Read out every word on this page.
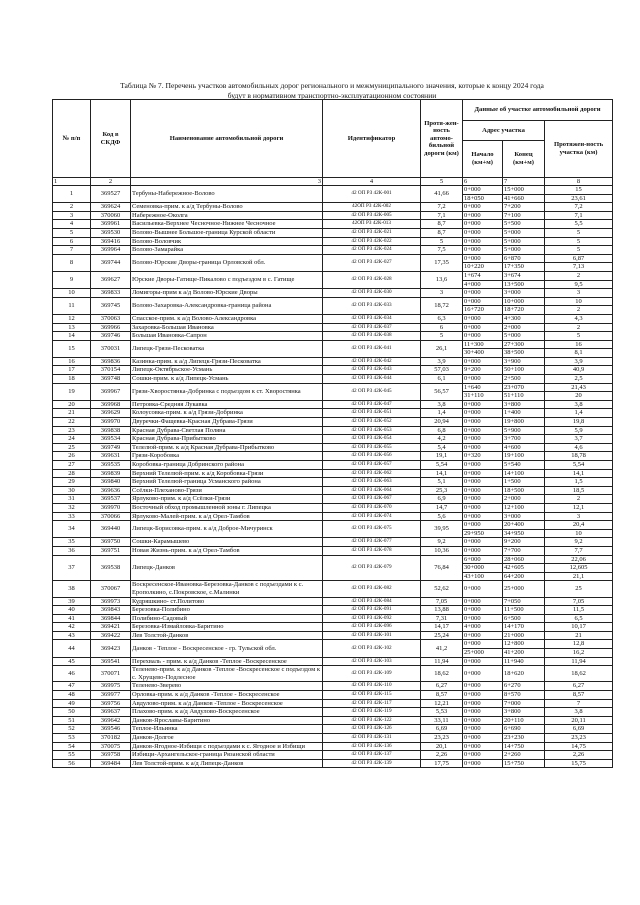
Таблица № 7. Перечень участков автомобильных дорог регионального и межмуниципального значения, которые к концу 2024 года
будут в нормативном транспортно-эксплуатационном состоянии
№ п/п	Код в СКДФ	Наименование автомобильной дороги	Идентификатор	Протя-жен-ность автомо-бильной дороги (км)	Данные об участке автомобильной дороги		
					Адрес участка		Протяжен-ность участка (км)
					Начало (км+м)	Конец (км+м)	
1	2	3	4	5	6	7	8
1	369527	Тербуны-Набережное-Волово	42 ОП РЗ 42К-001	41,66	0+000	15+000	15
					18+050	41+660	23,61
2	369624	Семеновка-прим. к а/д Тербуны-Волово	42ОП РЗ 42К-002	7,2	0+000	7+200	7,2
3	370060	Набережное-Околга	42 ОП РЗ 42К-005	7,1	0+000	7+100	7,1
4	369961	Васильевка-Верхнее Чесночное-Нижнее Чесночное	42ОП РЗ 42К-013	8,7	0+000	5+500	5,5
5	369530	Волово-Вышнее Большое-граница Курской области	42 ОП РЗ 42К-021	8,7	0+000	5+000	5
6	369416	Волово-Воловчик	42 ОП РЗ 42К-022	5	0+000	5+000	5
7	369964	Волово-Замарайка	42 ОП РЗ 42К-024	7,5	0+000	5+000	5
8	369744	Волово-Юрские Дворы-граница Орловской обл.	42 ОП РЗ 42К-027	17,35	0+000	6+870	6,87
					10+220	17+350	7,13
9	369627	Юрские Дворы-Гатище-Пикалово с подъездом в с. Гатище	42 ОП РЗ 42К-028	13,6	1+674	3+674	2
					4+000	13+500	9,5
10	369833	Ломигоры-прим к а/д Волово-Юрские Дворы	42 ОП РЗ 42К-030	3	0+000	3+000	3
11	369745	Волово-Захаровка-Александровка-граница района	42 ОП РЗ 42К-033	18,72	0+000	10+000	10
					16+720	18+720	2
12	370063	Спасское-прим. к а/д Волово-Александровка	42 ОП РЗ 42К-034	6,3	0+000	4+300	4,3
13	369966	Захаровка-Большая Ивановка	42 ОП РЗ 42К-037	6	0+000	2+000	2
14	369746	Большая Ивановка-Сапрон	42 ОП РЗ 42К-038	5	0+000	5+000	5
15	370031	Липецк-Грязи-Песковатка	42 ОП РЗ 42К-041	26,1	11+300	27+300	16
					30+400	38+500	8,1
16	369836	Казинка-прим. к а/д Липецк-Грязи-Песковатка	42 ОП РЗ 42К-042	3,9	0+000	3+900	3,9
17	370154	Липецк-Октябрьское-Усмань	42 ОП РЗ 42К-043	57,03	9+200	50+100	40,9
18	369748	Сошки-прим. к а/д Липецк-Усмань	42 ОП РЗ 42К-044	6,1	0+000	2+500	2,5
19	369967	Грязи-Хворостянка-Добринка с подъездом к ст. Хворостянка	42 ОП РЗ 42К-045	56,57	1+640	23+070	21,43
					31+110	51+110	20
20	369968	Петровка-Средняя Лукавка	42 ОП РЗ 42К-047	3,8	0+000	3+800	3,8
21	369629	Колоусовка-прим. к а/д Грязи-Добринка	42 ОП РЗ 42К-051	1,4	0+000	1+400	1,4
22	369970	Двуречки-Фащевка-Красная Дубрава-Грязи	42 ОП РЗ 42К-052	20,94	0+000	19+800	19,8
23	369838	Красная Дубрава-Светлая Поляна	42 ОП РЗ 42К-053	6,8	0+000	5+900	5,9
24	369534	Красная Дубрава-Прибытково	42 ОП РЗ 42К-054	4,2	0+000	3+700	3,7
25	369749	Телелюй-прим. к а/д Красная Дубрава-Прибытково	42 ОП РЗ 42К-055	5,4	0+000	4+600	4,6
26	369631	Грязи-Коробовка	42 ОП РЗ 42К-056	19,1	0+320	19+100	18,78
27	369535	Коробовка-граница Добринского района	42 ОП РЗ 42К-057	5,54	0+000	5+540	5,54
28	369839	Верхний Телелюй-прим. к а/д Коробовка-Грязи	42 ОП РЗ 42К-062	14,1	0+000	14+100	14,1
29	369840	Верхний Телелюй-граница Усманского района	42 ОП РЗ 42К-063	5,1	0+000	1+500	1,5
30	369636	Ссёлки-Плеханово-Грязи	42 ОП РЗ 42К-064	25,3	0+000	18+500	18,5
31	369537	Ярлуково-прим. к а/д Ссёлки-Грязи	42 ОП РЗ 42К-067	6,9	0+000	2+000	2
32	369970	Восточный обход промышленной зоны г. Липецка	42 ОП РЗ 42К-070	14,7	0+000	12+100	12,1
33	370066	Ярлуково-Малей-прим. к а/д Орел-Тамбов	42 ОП РЗ 42К-074	5,6	0+000	3+000	3
34	369440	Липецк-Борисовка-прим. к а/д Доброе-Мичуринск	42 ОП РЗ 42К-075	39,95	0+000	20+400	20,4
					29+950	34+950	10
35	369750	Сошки-Карамышево	42 ОП РЗ 42К-077	9,2	0+000	9+200	9,2
36	369751	Новая Жизнь-прим. к а/д Орел-Тамбов	42 ОП РЗ 42К-078	10,36	0+000	7+700	7,7
37	369538	Липецк-Данков	42 ОП РЗ 42К-079	76,84	6+000	28+060	22,06
					30+000	42+605	12,605
					43+100	64+200	21,1
38	370067	Воскресенское-Ивановка-Березовка-Данков с подъездами к с. Ерополкино, с.Покровское, с.Малинки	42 ОП РЗ 42К-082	52,62	0+000	25+000	25
39	369973	Кудряшкино- ст.Политово	42 ОП РЗ 42К-084	7,05	0+000	7+050	7,05
40	369843	Березовка-Полибино	42 ОП РЗ 42К-091	13,88	0+000	11+500	11,5
41	369844	Полибино-Садовый	42 ОП РЗ 42К-092	7,31	0+000	6+500	6,5
42	369421	Березовка-Измайловка-Баритино	42 ОП РЗ 42К-096	14,17	4+000	14+170	10,17
43	369422	Лев Толстой-Данков	42 ОП РЗ 42К-101	25,24	0+000	21+000	21
44	369423	Данков - Теплое - Воскресенское - гр. Тульской обл.	42 ОП РЗ 42К-102	41,2	0+000	12+800	12,8
					25+000	41+200	16,2
45	369541	Перехваль - прим. к а/д Данков -Теплое -Воскресенское	42 ОП РЗ 42К-103	11,94	0+000	11+940	11,94
46	370071	Теленево-прим. к а/д Данков -Теплое -Воскресенское с подъездом к с. Хрущево-Подлесное	42 ОП РЗ 42К-109	18,62	0+000	18+620	18,62
47	369975	Теленево-Зверево	42 ОП РЗ 42К-110	6,27	0+000	6+270	6,27
48	369977	Орловка-прим. к а/д Данков -Теплое - Воскресенское	42 ОП РЗ 42К-115	8,57	0+000	8+570	8,57
49	369756	Авдулово-прим. к а/д Данков -Теплое - Воскресенское	42 ОП РЗ 42К-117	12,21	0+000	7+000	7
50	369637	Плахово-прим. к а/д Авдулово-Воскресенское	42 ОП РЗ 42К-119	5,53	0+000	3+800	3,8
51	369642	Данков-Ярославы-Баритино	42 ОП РЗ 42К-122	33,11	0+000	20+110	20,11
52	369546	Теплое-Ильинка	42 ОП РЗ 42К-126	6,69	0+000	6+690	6,69
53	370182	Данков-Долгое	42 ОП РЗ 42К-131	23,23	0+000	23+230	23,23
54	370075	Данков-Ягодное-Избищи с подъездами к с. Ягодное и Избищи	42 ОП РЗ 42К-136	20,1	0+000	14+750	14,75
55	369758	Избищи-Архангельское-граница Рязанской области	42 ОП РЗ 42К-137	2,26	0+000	2+260	2,26
56	369484	Лев Толстой-прим. к а/д Липецк-Данков	42 ОП РЗ 42К-139	17,75	0+000	15+750	15,75
